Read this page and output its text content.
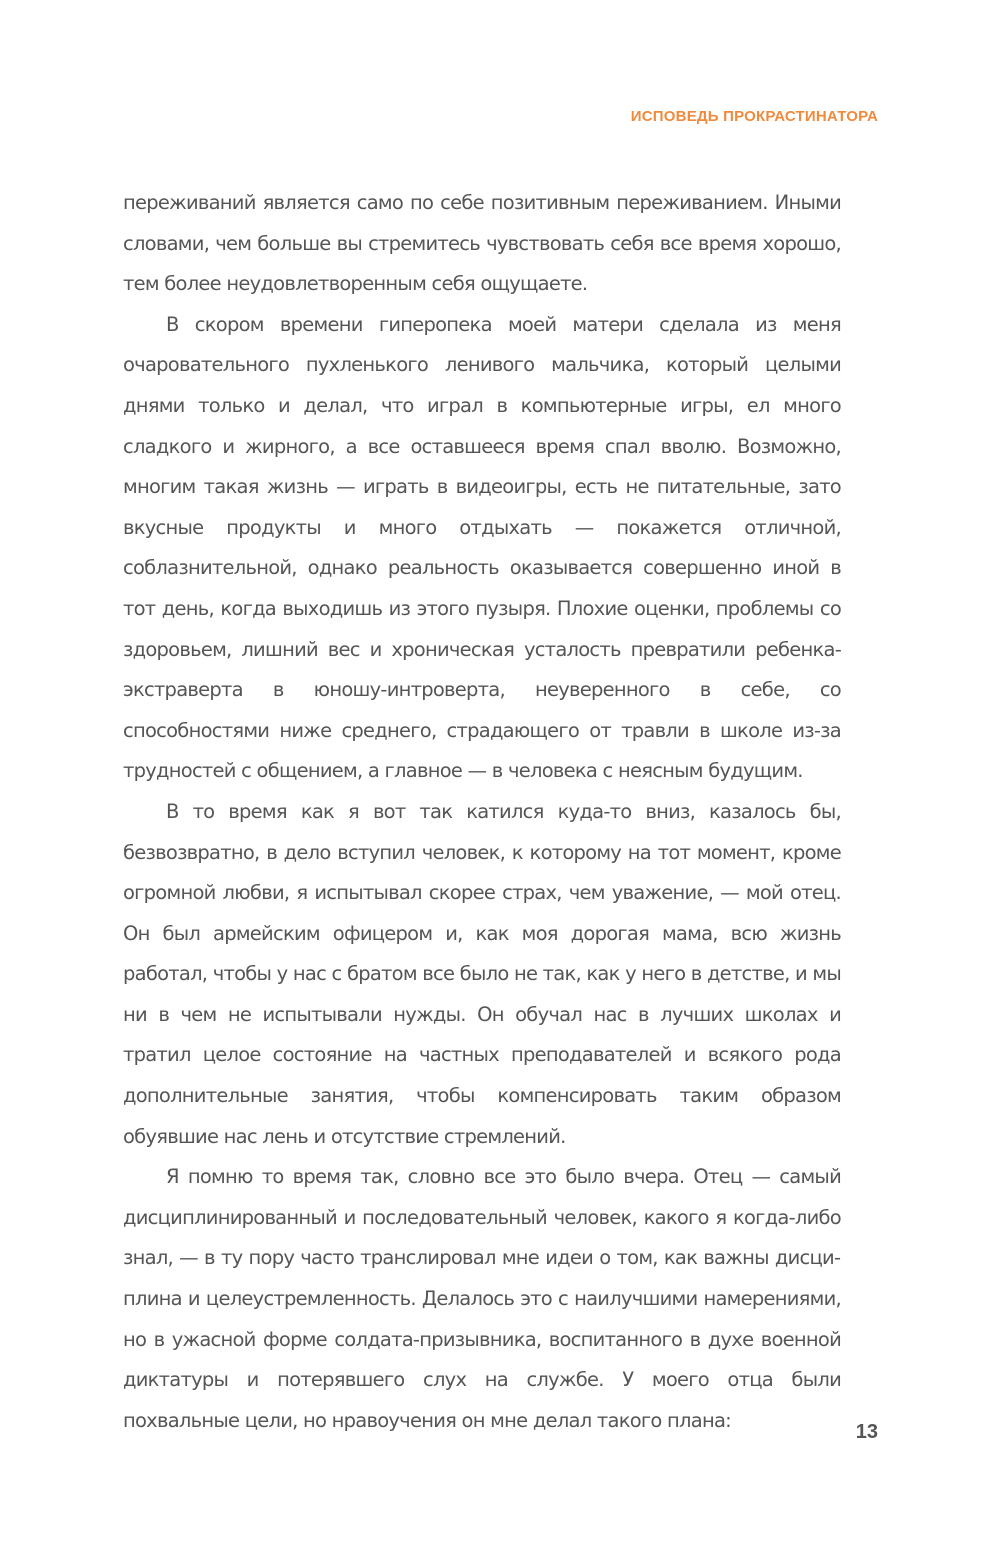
ИСПОВЕДЬ ПРОКРАСТИНАТОРА

переживаний является само по себе позитивным переживанием. Иными словами, чем больше вы стремитесь чувствовать себя все время хорошо, тем более неудовлетворенным себя ощущаете.

В скором времени гиперопека моей матери сделала из меня очаровательного пухленького ленивого мальчика, который целыми днями только и делал, что играл в компьютерные игры, ел много сладкого и жирного, а все оставшееся время спал вволю. Возможно, многим такая жизнь — играть в видеоигры, есть не питательные, зато вкусные продукты и много отдыхать — покажется отличной, соблазнительной, однако реальность оказывается совершенно иной в тот день, когда выходишь из этого пузыря. Плохие оценки, проблемы со здоровьем, лишний вес и хроническая усталость превратили ребенка-экстраверта в юношу-интроверта, неуверенного в себе, со способностями ниже среднего, страдающего от травли в школе из-за трудностей с общением, а главное — в человека с неясным будущим.

В то время как я вот так катился куда-то вниз, казалось бы, безвозвратно, в дело вступил человек, к которому на тот момент, кроме огромной любви, я испытывал скорее страх, чем уважение, — мой отец. Он был армейским офицером и, как моя дорогая мама, всю жизнь работал, чтобы у нас с братом все было не так, как у него в детстве, и мы ни в чем не испытывали нужды. Он обучал нас в лучших школах и тратил целое состояние на частных преподавателей и всякого рода дополнительные занятия, чтобы компенсировать таким образом обуявшие нас лень и отсутствие стремлений.

Я помню то время так, словно все это было вчера. Отец — самый дисциплинированный и последовательный человек, какого я когда-либо знал, — в ту пору часто транслировал мне идеи о том, как важны дисциплина и целеустремленность. Делалось это с наилучшими намерениями, но в ужасной форме солдата-призывника, воспитанного в духе военной диктатуры и потерявшего слух на службе. У моего отца были похвальные цели, но нравоучения он мне делал такого плана:

13
